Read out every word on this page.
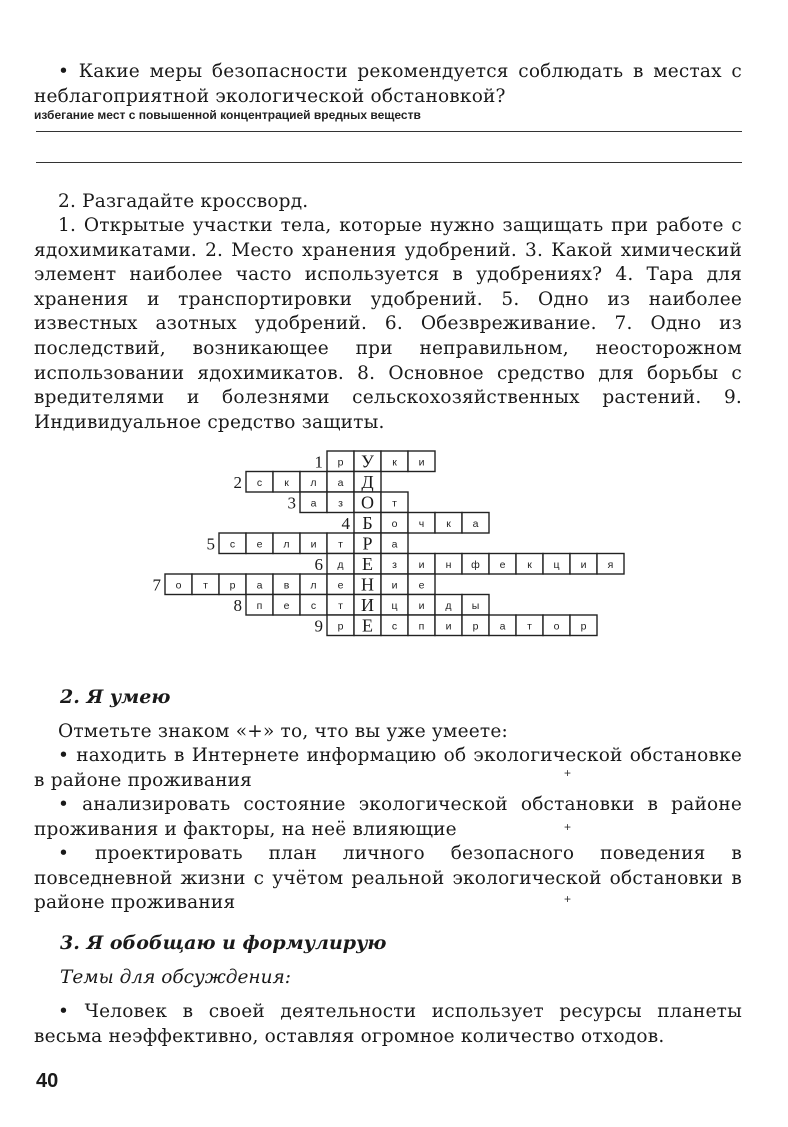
• Какие меры безопасности рекомендуется соблюдать в местах с неблагоприятной экологической обстановкой?
избегание мест с повышенной концентрацией вредных веществ
2. Разгадайте кроссворд.
1. Открытые участки тела, которые нужно защищать при работе с ядохимикатами. 2. Место хранения удобрений. 3. Какой химический элемент наиболее часто используется в удобрениях? 4. Тара для хранения и транспортировки удобрений. 5. Одно из наиболее известных азотных удобрений. 6. Обезвреживание. 7. Одно из последствий, возникающее при неправильном, неосторожном использовании ядохимикатов. 8. Основное средство для борьбы с вредителями и болезнями сельскохозяйственных растений. 9. Индивидуальное средство защиты.
1 р У к и
2 с к л а Д
3 а з О т
4 Б о ч к а
5 с е л и т Р а
6 д Е з и н ф е к ц и я
7 о т р а в л е Н и е
8 п е с т И ц и д ы
9 р Е с п и р а т о р
2. Я умею
Отметьте знаком «+» то, что вы уже умеете:
• находить в Интернете информацию об экологической обстановке в районе проживания	+
• анализировать состояние экологической обстановки в районе проживания и факторы, на неё влияющие	+
• проектировать план личного безопасного поведения в повседневной жизни с учётом реальной экологической обстановки в районе проживания	+
3. Я обобщаю и формулирую
Темы для обсуждения:
• Человек в своей деятельности использует ресурсы планеты весьма неэффективно, оставляя огромное количество отходов.
40
